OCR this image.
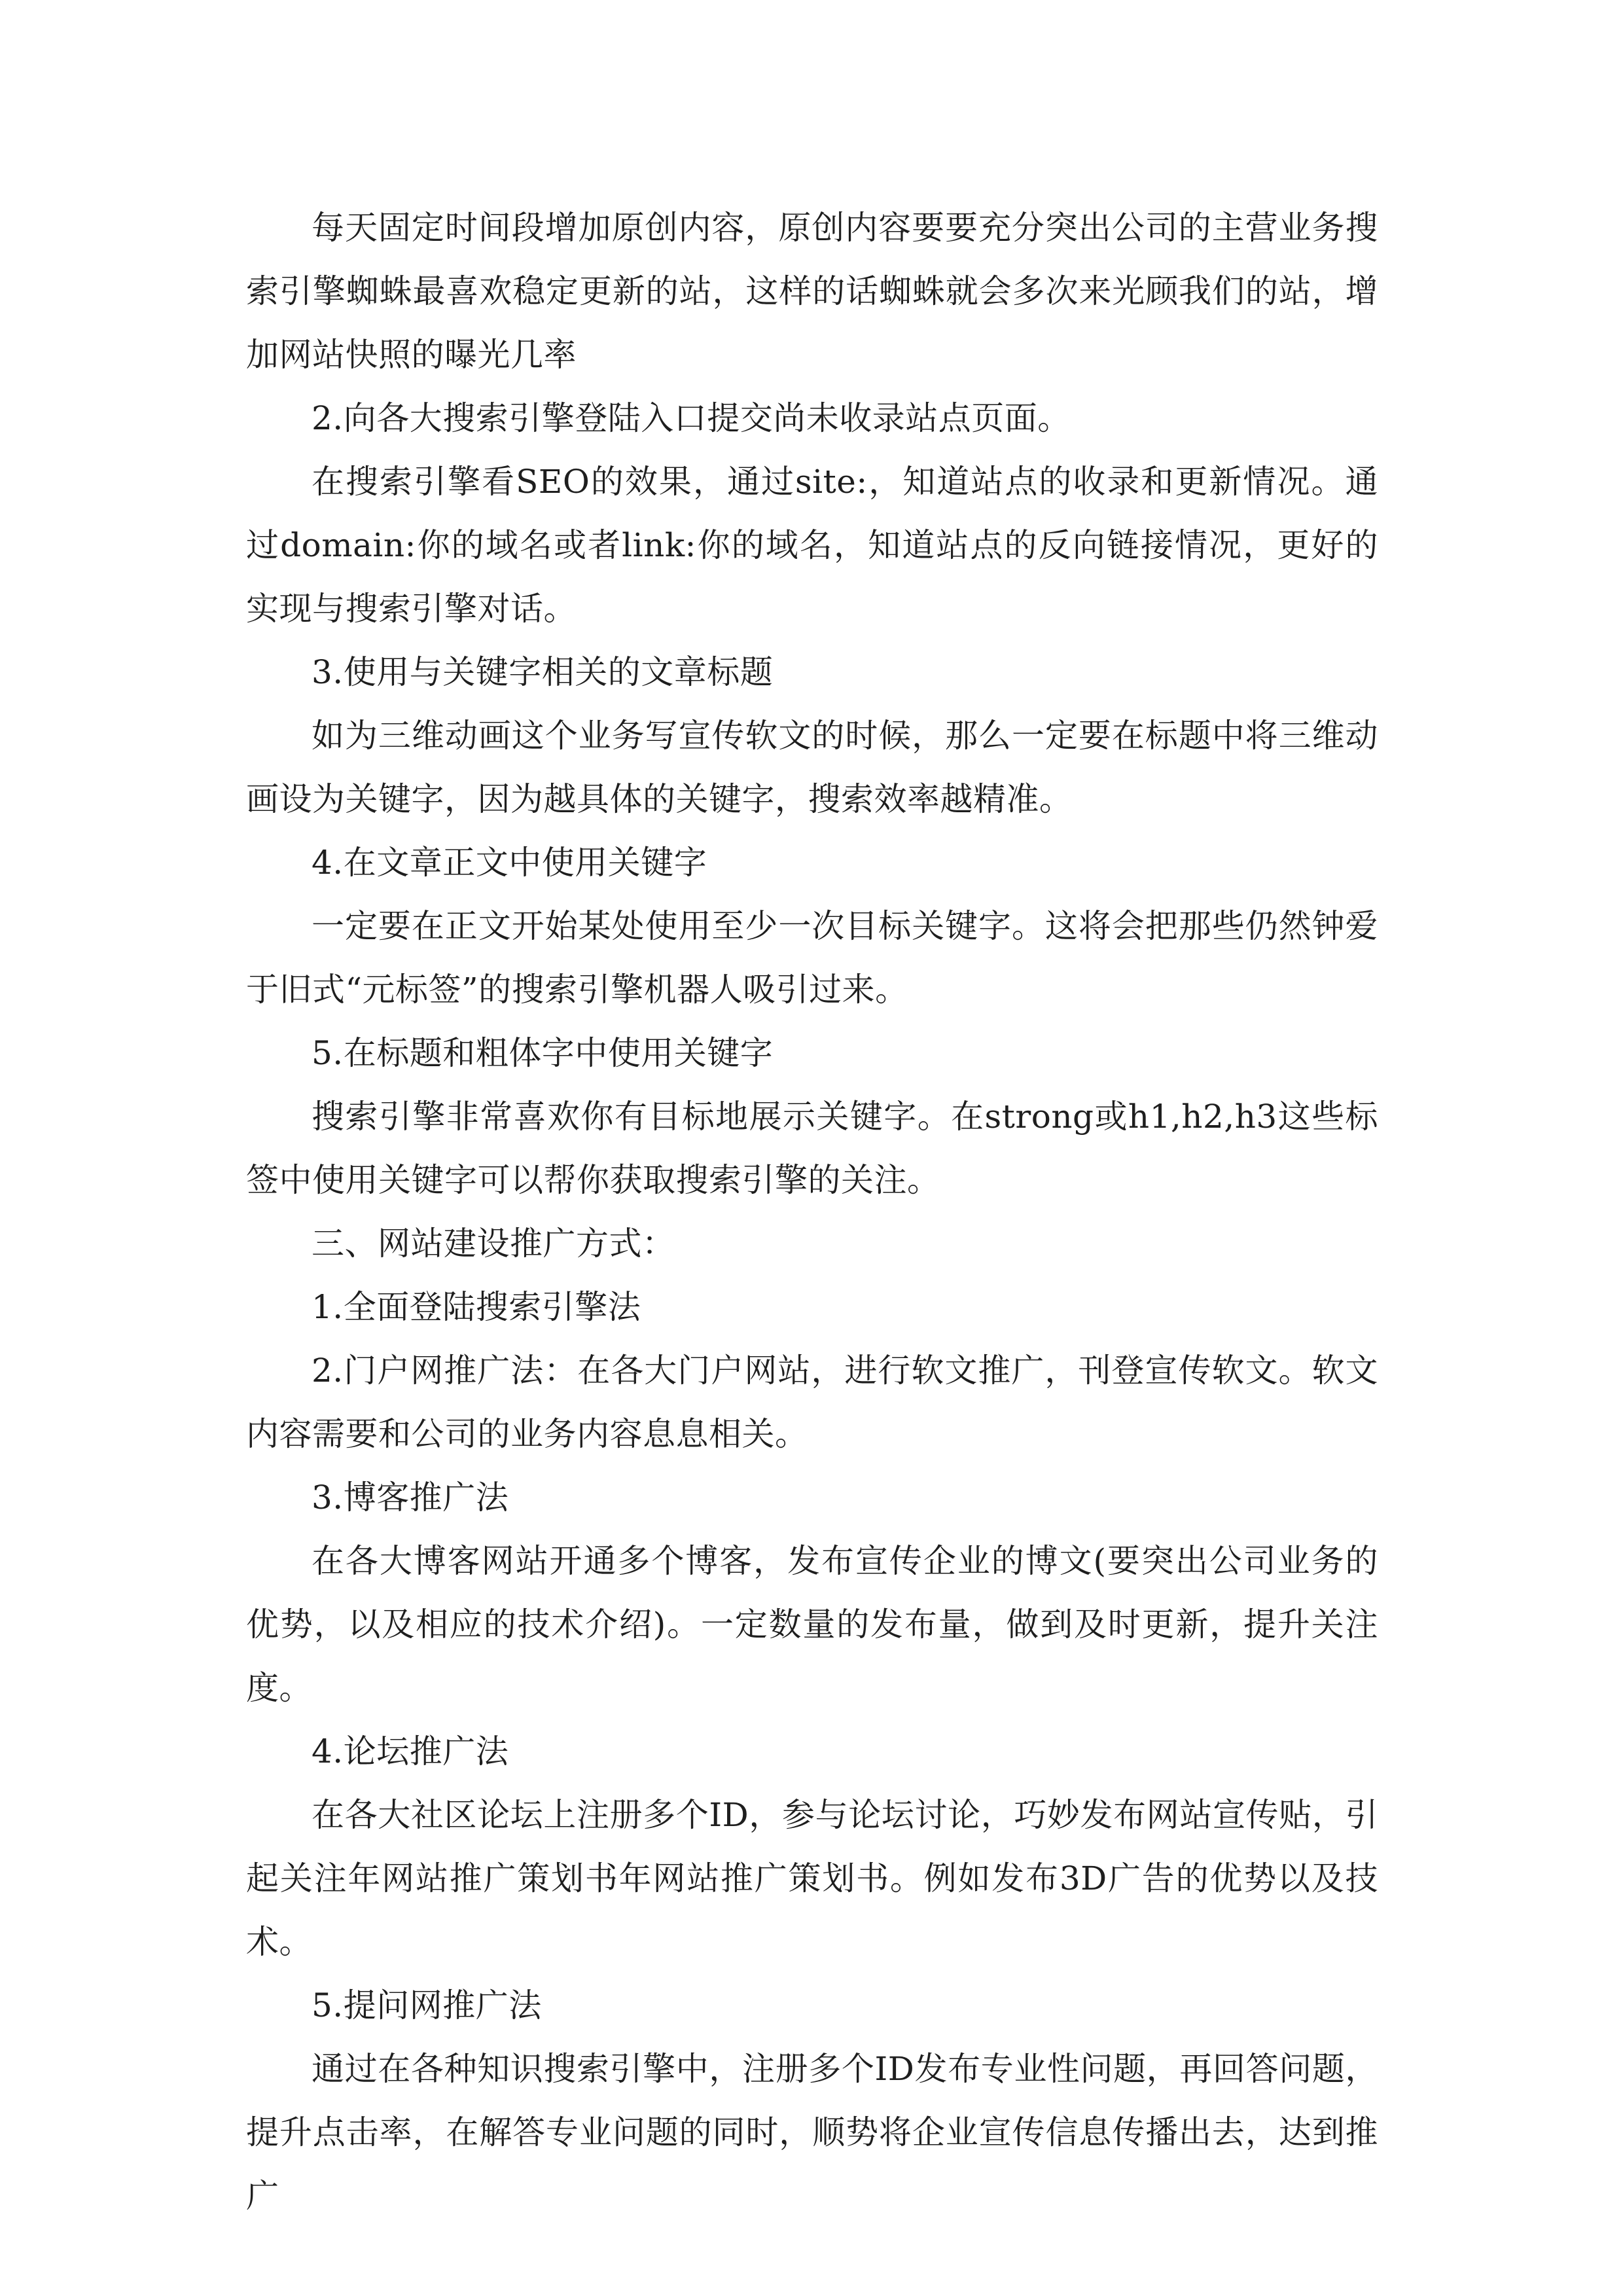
每天固定时间段增加原创内容，原创内容要要充分突出公司的主营业务搜索引擎蜘蛛最喜欢稳定更新的站，这样的话蜘蛛就会多次来光顾我们的站，增加网站快照的曝光几率

2.向各大搜索引擎登陆入口提交尚未收录站点页面。

在搜索引擎看SEO的效果，通过site:，知道站点的收录和更新情况。通过domain:你的域名或者link:你的域名，知道站点的反向链接情况，更好的实现与搜索引擎对话。

3.使用与关键字相关的文章标题

如为三维动画这个业务写宣传软文的时候，那么一定要在标题中将三维动画设为关键字，因为越具体的关键字，搜索效率越精准。

4.在文章正文中使用关键字

一定要在正文开始某处使用至少一次目标关键字。这将会把那些仍然钟爱于旧式“元标签”的搜索引擎机器人吸引过来。

5.在标题和粗体字中使用关键字

搜索引擎非常喜欢你有目标地展示关键字。在strong或h1,h2,h3这些标签中使用关键字可以帮你获取搜索引擎的关注。

三、网站建设推广方式：

1.全面登陆搜索引擎法

2.门户网推广法：在各大门户网站，进行软文推广，刊登宣传软文。软文内容需要和公司的业务内容息息相关。

3.博客推广法

在各大博客网站开通多个博客，发布宣传企业的博文(要突出公司业务的优势，以及相应的技术介绍)。一定数量的发布量，做到及时更新，提升关注度。

4.论坛推广法

在各大社区论坛上注册多个ID，参与论坛讨论，巧妙发布网站宣传贴，引起关注年网站推广策划书年网站推广策划书。例如发布3D广告的优势以及技术。

5.提问网推广法

通过在各种知识搜索引擎中，注册多个ID发布专业性问题，再回答问题，提升点击率，在解答专业问题的同时，顺势将企业宣传信息传播出去，达到推广
